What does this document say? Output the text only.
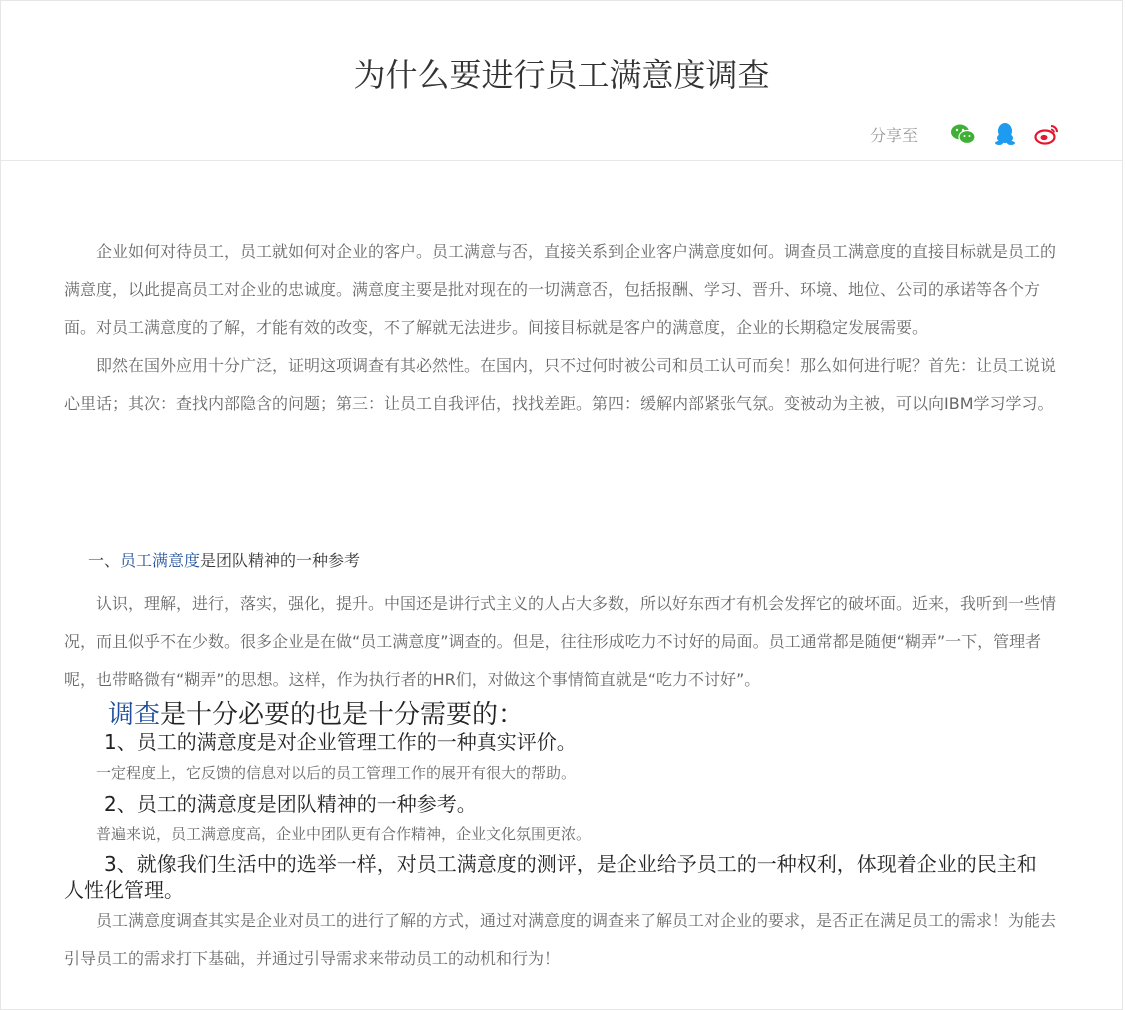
为什么要进行员工满意度调查
分享至

企业如何对待员工，员工就如何对企业的客户。员工满意与否，直接关系到企业客户满意度如何。调查员工满意度的直接目标就是员工的满意度，以此提高员工对企业的忠诚度。满意度主要是批对现在的一切满意否，包括报酬、学习、晋升、环境、地位、公司的承诺等各个方面。对员工满意度的了解，才能有效的改变，不了解就无法进步。间接目标就是客户的满意度，企业的长期稳定发展需要。

即然在国外应用十分广泛，证明这项调查有其必然性。在国内，只不过何时被公司和员工认可而矣！那么如何进行呢？首先：让员工说说心里话；其次：查找内部隐含的问题；第三：让员工自我评估，找找差距。第四：缓解内部紧张气氛。变被动为主被，可以向IBM学习学习。

一、员工满意度是团队精神的一种参考

认识，理解，进行，落实，强化，提升。中国还是讲行式主义的人占大多数，所以好东西才有机会发挥它的破坏面。近来，我听到一些情况，而且似乎不在少数。很多企业是在做“员工满意度”调查的。但是，往往形成吃力不讨好的局面。员工通常都是随便“糊弄”一下，管理者呢，也带略微有“糊弄”的思想。这样，作为执行者的HR们，对做这个事情简直就是“吃力不讨好”。

调查是十分必要的也是十分需要的：

1、员工的满意度是对企业管理工作的一种真实评价。

一定程度上，它反馈的信息对以后的员工管理工作的展开有很大的帮助。

2、员工的满意度是团队精神的一种参考。

普遍来说，员工满意度高，企业中团队更有合作精神，企业文化氛围更浓。

3、就像我们生活中的选举一样，对员工满意度的测评，是企业给予员工的一种权利，体现着企业的民主和人性化管理。

员工满意度调查其实是企业对员工的进行了解的方式，通过对满意度的调查来了解员工对企业的要求，是否正在满足员工的需求！为能去引导员工的需求打下基础，并通过引导需求来带动员工的动机和行为！
